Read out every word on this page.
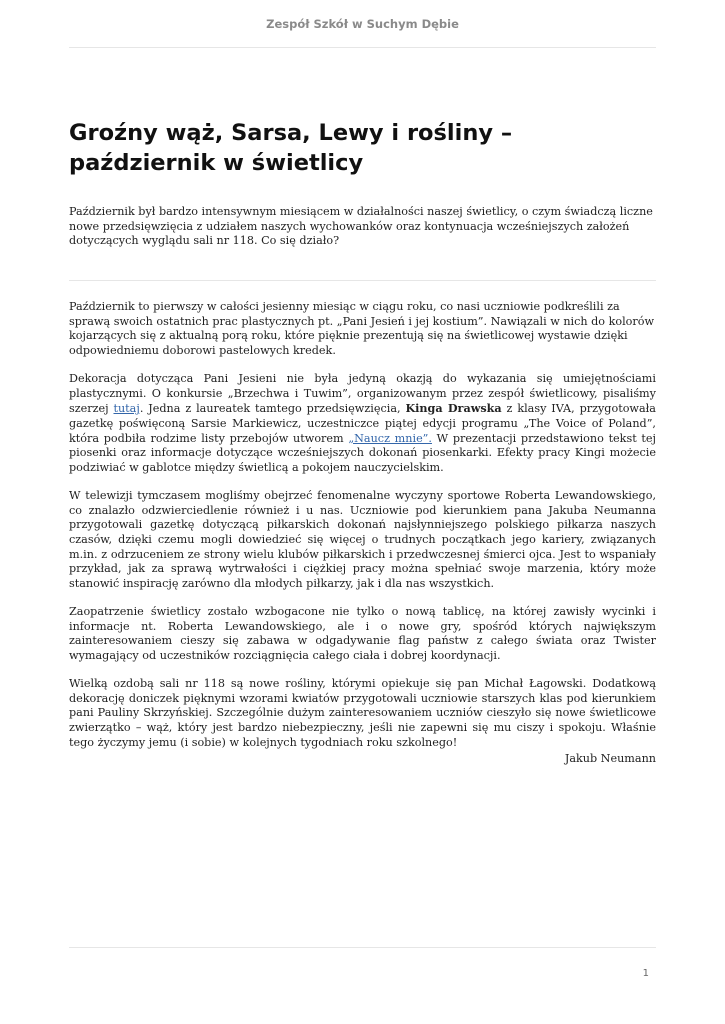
Zespół Szkół w Suchym Dębie
Groźny wąż, Sarsa, Lewy i rośliny – październik w świetlicy

Październik był bardzo intensywnym miesiącem w działalności naszej świetlicy, o czym świadczą liczne nowe przedsięwzięcia z udziałem naszych wychowanków oraz kontynuacja wcześniejszych założeń dotyczących wyglądu sali nr 118. Co się działo?

Październik to pierwszy w całości jesienny miesiąc w ciągu roku, co nasi uczniowie podkreślili za sprawą swoich ostatnich prac plastycznych pt. „Pani Jesień i jej kostium”. Nawiązali w nich do kolorów kojarzących się z aktualną porą roku, które pięknie prezentują się na świetlicowej wystawie dzięki odpowiedniemu doborowi pastelowych kredek.

Dekoracja dotycząca Pani Jesieni nie była jedyną okazją do wykazania się umiejętnościami plastycznymi. O konkursie „Brzechwa i Tuwim”, organizowanym przez zespół świetlicowy, pisaliśmy szerzej tutaj. Jedna z laureatek tamtego przedsięwzięcia, Kinga Drawska z klasy IVA, przygotowała gazetkę poświęconą Sarsie Markiewicz, uczestniczce piątej edycji programu „The Voice of Poland”, która podbiła rodzime listy przebojów utworem „Naucz mnie”. W prezentacji przedstawiono tekst tej piosenki oraz informacje dotyczące wcześniejszych dokonań piosenkarki. Efekty pracy Kingi możecie podziwiać w gablotce między świetlicą a pokojem nauczycielskim.

W telewizji tymczasem mogliśmy obejrzeć fenomenalne wyczyny sportowe Roberta Lewandowskiego, co znalazło odzwierciedlenie również i u nas. Uczniowie pod kierunkiem pana Jakuba Neumanna przygotowali gazetkę dotyczącą piłkarskich dokonań najsłynniejszego polskiego piłkarza naszych czasów, dzięki czemu mogli dowiedzieć się więcej o trudnych początkach jego kariery, związanych m.in. z odrzuceniem ze strony wielu klubów piłkarskich i przedwczesnej śmierci ojca. Jest to wspaniały przykład, jak za sprawą wytrwałości i ciężkiej pracy można spełniać swoje marzenia, który może stanowić inspirację zarówno dla młodych piłkarzy, jak i dla nas wszystkich.

Zaopatrzenie świetlicy zostało wzbogacone nie tylko o nową tablicę, na której zawisły wycinki i informacje nt. Roberta Lewandowskiego, ale i o nowe gry, spośród których największym zainteresowaniem cieszy się zabawa w odgadywanie flag państw z całego świata oraz Twister wymagający od uczestników rozciągnięcia całego ciała i dobrej koordynacji.

Wielką ozdobą sali nr 118 są nowe rośliny, którymi opiekuje się pan Michał Łagowski. Dodatkową dekorację doniczek pięknymi wzorami kwiatów przygotowali uczniowie starszych klas pod kierunkiem pani Pauliny Skrzyńskiej. Szczególnie dużym zainteresowaniem uczniów cieszyło się nowe świetlicowe zwierzątko – wąż, który jest bardzo niebezpieczny, jeśli nie zapewni się mu ciszy i spokoju. Właśnie tego życzymy jemu (i sobie) w kolejnych tygodniach roku szkolnego!

Jakub Neumann
1
